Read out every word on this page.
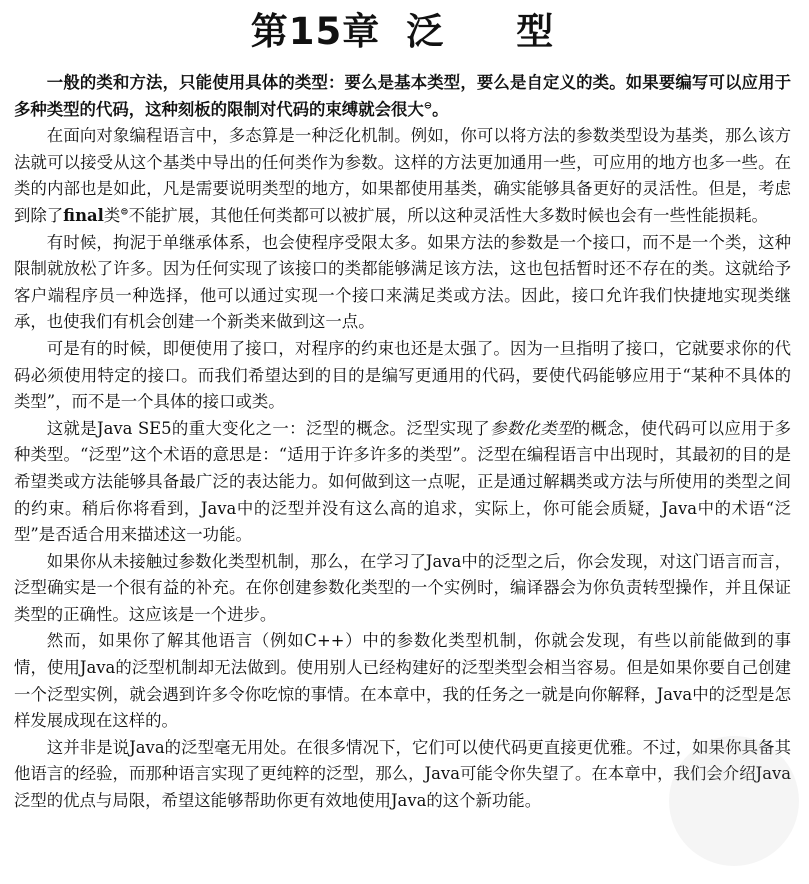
第15章 泛 型

一般的类和方法，只能使用具体的类型：要么是基本类型，要么是自定义的类。如果要编写可以应用于多种类型的代码，这种刻板的限制对代码的束缚就会很大⊖。

在面向对象编程语言中，多态算是一种泛化机制。例如，你可以将方法的参数类型设为基类，那么该方法就可以接受从这个基类中导出的任何类作为参数。这样的方法更加通用一些，可应用的地方也多一些。在类的内部也是如此，凡是需要说明类型的地方，如果都使用基类，确实能够具备更好的灵活性。但是，考虑到除了final类⊜不能扩展，其他任何类都可以被扩展，所以这种灵活性大多数时候也会有一些性能损耗。

有时候，拘泥于单继承体系，也会使程序受限太多。如果方法的参数是一个接口，而不是一个类，这种限制就放松了许多。因为任何实现了该接口的类都能够满足该方法，这也包括暂时还不存在的类。这就给予客户端程序员一种选择，他可以通过实现一个接口来满足类或方法。因此，接口允许我们快捷地实现类继承，也使我们有机会创建一个新类来做到这一点。

可是有的时候，即便使用了接口，对程序的约束也还是太强了。因为一旦指明了接口，它就要求你的代码必须使用特定的接口。而我们希望达到的目的是编写更通用的代码，要使代码能够应用于“某种不具体的类型”，而不是一个具体的接口或类。

这就是Java SE5的重大变化之一：泛型的概念。泛型实现了参数化类型的概念，使代码可以应用于多种类型。“泛型”这个术语的意思是：“适用于许多许多的类型”。泛型在编程语言中出现时，其最初的目的是希望类或方法能够具备最广泛的表达能力。如何做到这一点呢，正是通过解耦类或方法与所使用的类型之间的约束。稍后你将看到，Java中的泛型并没有这么高的追求，实际上，你可能会质疑，Java中的术语“泛型”是否适合用来描述这一功能。

如果你从未接触过参数化类型机制，那么，在学习了Java中的泛型之后，你会发现，对这门语言而言，泛型确实是一个很有益的补充。在你创建参数化类型的一个实例时，编译器会为你负责转型操作，并且保证类型的正确性。这应该是一个进步。

然而，如果你了解其他语言（例如C++）中的参数化类型机制，你就会发现，有些以前能做到的事情，使用Java的泛型机制却无法做到。使用别人已经构建好的泛型类型会相当容易。但是如果你要自己创建一个泛型实例，就会遇到许多令你吃惊的事情。在本章中，我的任务之一就是向你解释，Java中的泛型是怎样发展成现在这样的。

这并非是说Java的泛型毫无用处。在很多情况下，它们可以使代码更直接更优雅。不过，如果你具备其他语言的经验，而那种语言实现了更纯粹的泛型，那么，Java可能令你失望了。在本章中，我们会介绍Java泛型的优点与局限，希望这能够帮助你更有效地使用Java的这个新功能。
